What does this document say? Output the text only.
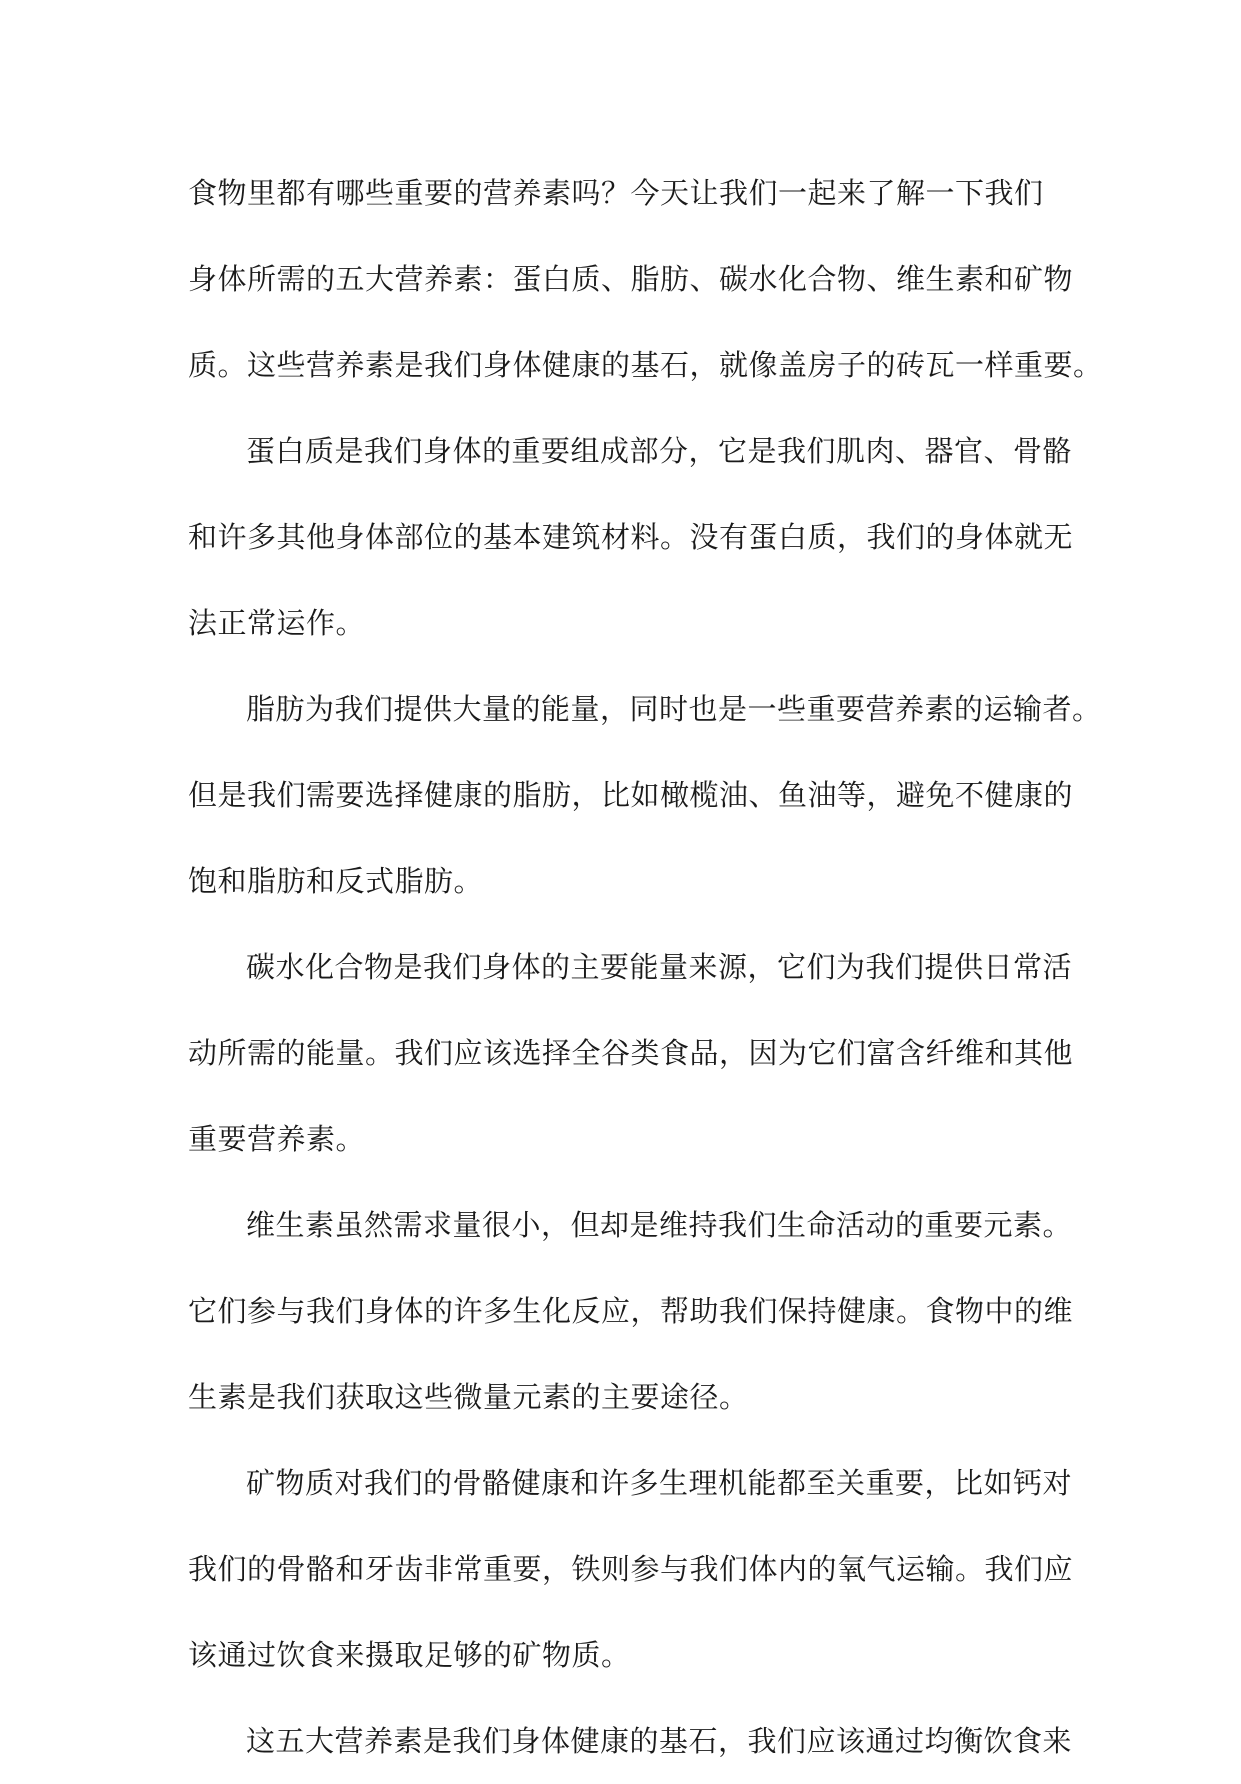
食物里都有哪些重要的营养素吗？今天让我们一起来了解一下我们
身体所需的五大营养素：蛋白质、脂肪、碳水化合物、维生素和矿物
质。这些营养素是我们身体健康的基石，就像盖房子的砖瓦一样重要。
蛋白质是我们身体的重要组成部分，它是我们肌肉、器官、骨骼
和许多其他身体部位的基本建筑材料。没有蛋白质，我们的身体就无
法正常运作。
脂肪为我们提供大量的能量，同时也是一些重要营养素的运输者。
但是我们需要选择健康的脂肪，比如橄榄油、鱼油等，避免不健康的
饱和脂肪和反式脂肪。
碳水化合物是我们身体的主要能量来源，它们为我们提供日常活
动所需的能量。我们应该选择全谷类食品，因为它们富含纤维和其他
重要营养素。
维生素虽然需求量很小，但却是维持我们生命活动的重要元素。
它们参与我们身体的许多生化反应，帮助我们保持健康。食物中的维
生素是我们获取这些微量元素的主要途径。
矿物质对我们的骨骼健康和许多生理机能都至关重要，比如钙对
我们的骨骼和牙齿非常重要，铁则参与我们体内的氧气运输。我们应
该通过饮食来摄取足够的矿物质。
这五大营养素是我们身体健康的基石，我们应该通过均衡饮食来
